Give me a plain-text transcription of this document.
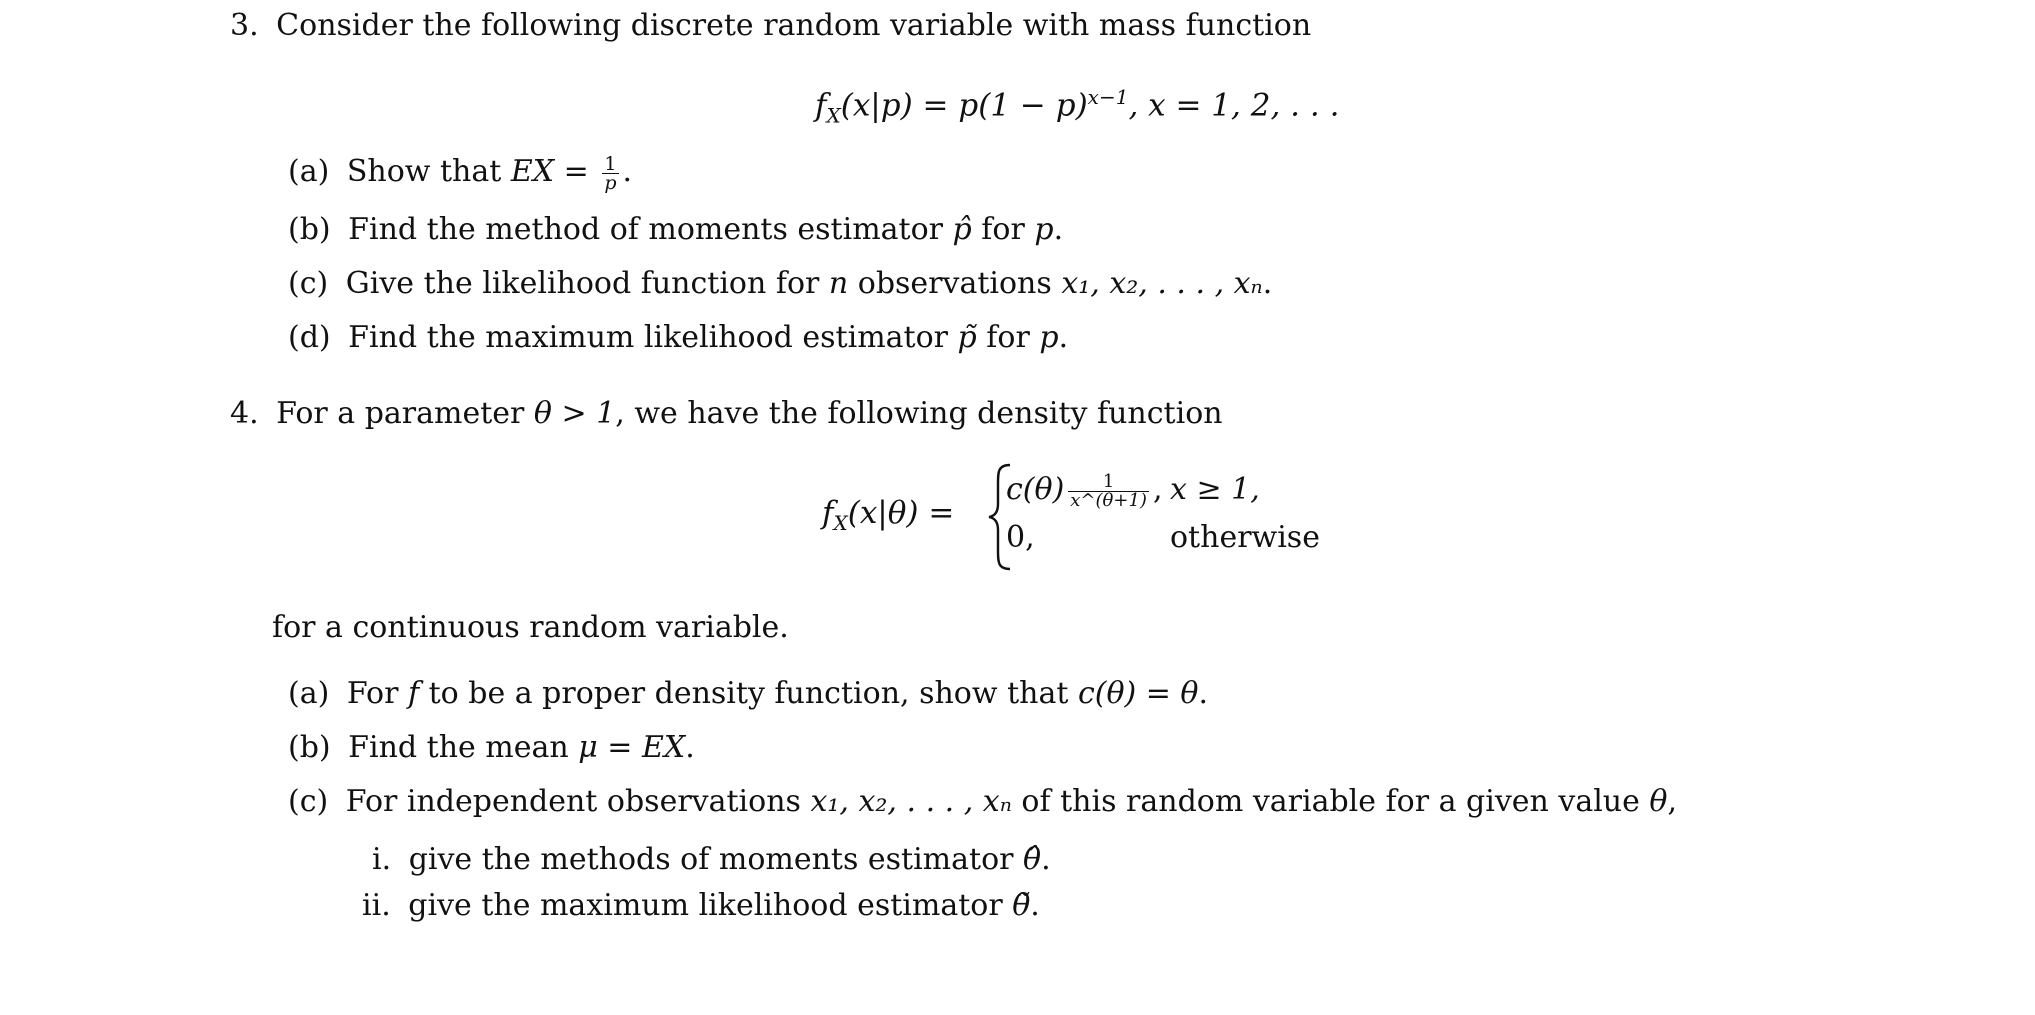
3. Consider the following discrete random variable with mass function
$f_X(x|p) = p(1 - p)^{x-1}$, x = 1, 2, . . .
(a) Show that EX = $\frac{1}{p}$ .
(b) Find the method of moments estimator p̂ for p.
(c) Give the likelihood function for n observations x₁, x₂, . . . , xₙ.
(d) Find the maximum likelihood estimator p̃ for p.
4. For a parameter θ > 1, we have the following density function
$f_X(x|\theta)$ =
$c(\theta) \frac{1}{x\^{}(\theta+1)}$ , x ≥ 1,
0,	otherwise
for a continuous random variable.
(a) For f to be a proper density function, show that c(θ) = θ.
(b) Find the mean μ = EX.
(c) For independent observations x₁, x₂, . . . , xₙ of this random variable for a given value θ,
i. give the methods of moments estimator θ̂.
ii. give the maximum likelihood estimator θ̃.
